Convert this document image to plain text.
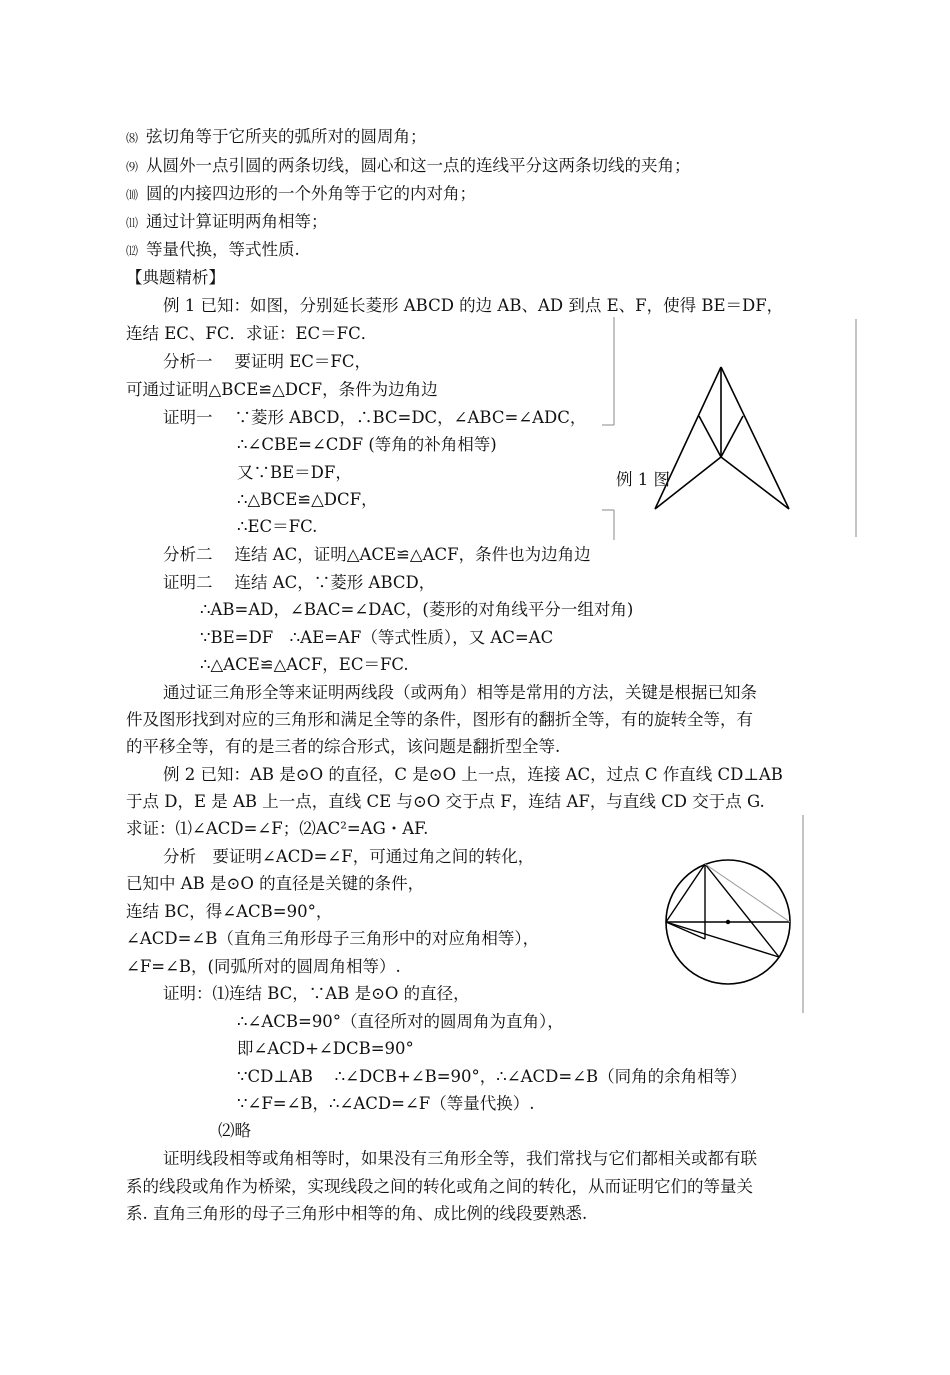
⑻ 弦切角等于它所夹的弧所对的圆周角；
⑼ 从圆外一点引圆的两条切线，圆心和这一点的连线平分这两条切线的夹角；
⑽ 圆的内接四边形的一个外角等于它的内对角；
⑾ 通过计算证明两角相等；
⑿ 等量代换，等式性质.
【典题精析】
例 1 已知：如图，分别延长菱形 ABCD 的边 AB、AD 到点 E、F，使得 BE＝DF，
连结 EC、FC．求证：EC＝FC．
分析一 要证明 EC＝FC，
可通过证明△BCE≌△DCF，条件为边角边
证明一 ∵菱形 ABCD，∴BC=DC，∠ABC=∠ADC，
∴∠CBE=∠CDF (等角的补角相等)
又∵BE＝DF，
∴△BCE≌△DCF，
∴EC＝FC.
分析二 连结 AC，证明△ACE≌△ACF，条件也为边角边
证明二 连结 AC，∵菱形 ABCD，
∴AB=AD，∠BAC=∠DAC，(菱形的对角线平分一组对角)
∵BE=DF　∴AE=AF（等式性质），又 AC=AC
∴△ACE≌△ACF，EC＝FC.
例 1 图
通过证三角形全等来证明两线段（或两角）相等是常用的方法，关键是根据已知条
件及图形找到对应的三角形和满足全等的条件，图形有的翻折全等，有的旋转全等，有
的平移全等，有的是三者的综合形式，该问题是翻折型全等.
例 2 已知：AB 是⊙O 的直径，C 是⊙O 上一点，连接 AC，过点 C 作直线 CD⊥AB
于点 D，E 是 AB 上一点，直线 CE 与⊙O 交于点 F，连结 AF，与直线 CD 交于点 G.
求证：⑴∠ACD=∠F；⑵AC²=AG・AF.
分析　要证明∠ACD=∠F，可通过角之间的转化，
已知中 AB 是⊙O 的直径是关键的条件，
连结 BC，得∠ACB=90°，
∠ACD=∠B（直角三角形母子三角形中的对应角相等），
∠F=∠B，(同弧所对的圆周角相等）.
证明：⑴连结 BC，∵AB 是⊙O 的直径，
∴∠ACB=90°（直径所对的圆周角为直角），
即∠ACD+∠DCB=90°
∵CD⊥AB　 ∴∠DCB+∠B=90°，∴∠ACD=∠B（同角的余角相等）
∵∠F=∠B，∴∠ACD=∠F（等量代换）.
⑵略
证明线段相等或角相等时，如果没有三角形全等，我们常找与它们都相关或都有联
系的线段或角作为桥梁，实现线段之间的转化或角之间的转化，从而证明它们的等量关
系. 直角三角形的母子三角形中相等的角、成比例的线段要熟悉.
